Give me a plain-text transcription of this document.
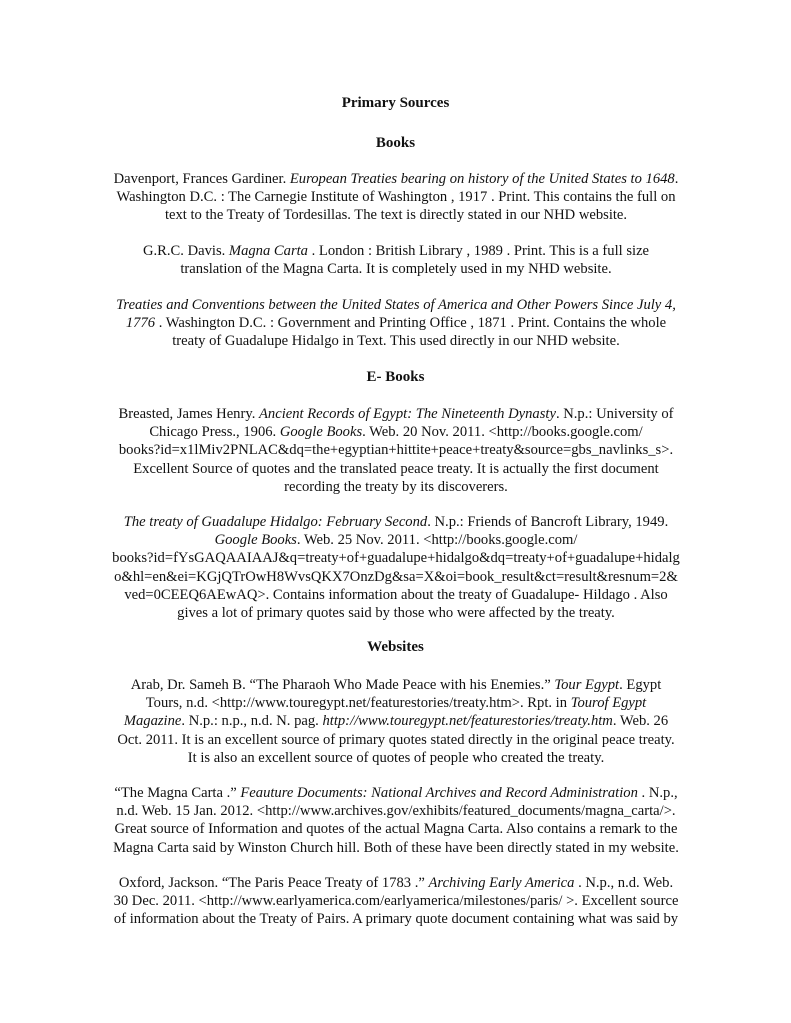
Primary Sources
Books

Davenport, Frances Gardiner. European Treaties bearing on history of the United States to 1648.
Washington D.C. : The Carnegie Institute of Washington , 1917 . Print. This contains the full on
text to the Treaty of Tordesillas. The text is directly stated in our NHD website.

G.R.C. Davis. Magna Carta . London : British Library , 1989 . Print. This is a full size
translation of the Magna Carta. It is completely used in my NHD website.

Treaties and Conventions between the United States of America and Other Powers Since July 4,
1776 . Washington D.C. : Government and Printing Office , 1871 . Print. Contains the whole
treaty of Guadalupe Hidalgo in Text. This used directly in our NHD website.

E- Books

Breasted, James Henry. Ancient Records of Egypt: The Nineteenth Dynasty. N.p.: University of
Chicago Press., 1906. Google Books. Web. 20 Nov. 2011. <http://books.google.com/
books?id=x1lMiv2PNLAC&dq=the+egyptian+hittite+peace+treaty&source=gbs_navlinks_s>.
Excellent Source of quotes and the translated peace treaty. It is actually the first document
recording the treaty by its discoverers.

The treaty of Guadalupe Hidalgo: February Second. N.p.: Friends of Bancroft Library, 1949.
Google Books. Web. 25 Nov. 2011. <http://books.google.com/
books?id=fYsGAQAAIAAJ&q=treaty+of+guadalupe+hidalgo&dq=treaty+of+guadalupe+hidalg
o&hl=en&ei=KGjQTrOwH8WvsQKX7OnzDg&sa=X&oi=book_result&ct=result&resnum=2&
ved=0CEEQ6AEwAQ>. Contains information about the treaty of Guadalupe- Hildago . Also
gives a lot of primary quotes said by those who were affected by the treaty.

Websites

Arab, Dr. Sameh B. “The Pharaoh Who Made Peace with his Enemies.” Tour Egypt. Egypt
Tours, n.d. <http://www.touregypt.net/featurestories/treaty.htm>. Rpt. in Tourof Egypt
Magazine. N.p.: n.p., n.d. N. pag. http://www.touregypt.net/featurestories/treaty.htm. Web. 26
Oct. 2011. It is an excellent source of primary quotes stated directly in the original peace treaty.
It is also an excellent source of quotes of people who created the treaty.

“The Magna Carta .” Feauture Documents: National Archives and Record Administration . N.p.,
n.d. Web. 15 Jan. 2012. <http://www.archives.gov/exhibits/featured_documents/magna_carta/>.
Great source of Information and quotes of the actual Magna Carta. Also contains a remark to the
Magna Carta said by Winston Church hill. Both of these have been directly stated in my website.

Oxford, Jackson. “The Paris Peace Treaty of 1783 .” Archiving Early America . N.p., n.d. Web.
30 Dec. 2011. <http://www.earlyamerica.com/earlyamerica/milestones/paris/ >. Excellent source
of information about the Treaty of Pairs. A primary quote document containing what was said by
